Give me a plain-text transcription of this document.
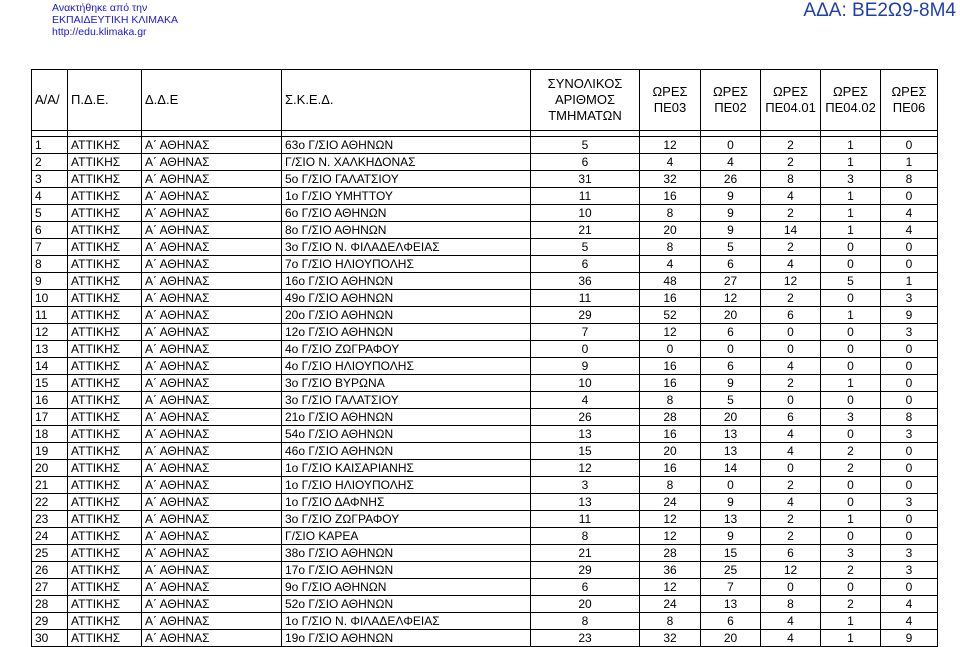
Ανακτήθηκε από την
ΕΚΠΑΙΔΕΥΤΙΚΗ ΚΛΙΜΑΚΑ
http://edu.klimaka.gr
ΑΔΑ: ΒΕ2Ω9-8Μ4
Α/Α/	Π.Δ.Ε.	Δ.Δ.Ε	Σ.Κ.Ε.Δ.	ΣΥΝΟΛΙΚΟΣ ΑΡΙΘΜΟΣ ΤΜΗΜΑΤΩΝ	ΩΡΕΣ ΠΕ03	ΩΡΕΣ ΠΕ02	ΩΡΕΣ ΠΕ04.01	ΩΡΕΣ ΠΕ04.02	ΩΡΕΣ ΠΕ06

1	ΑΤΤΙΚΗΣ	Α΄ ΑΘΗΝΑΣ	63ο Γ/ΣΙΟ ΑΘΗΝΩΝ	5	12	0	2	1	0
2	ΑΤΤΙΚΗΣ	Α΄ ΑΘΗΝΑΣ	Γ/ΣΙΟ Ν. ΧΑΛΚΗΔΟΝΑΣ	6	4	4	2	1	1
3	ΑΤΤΙΚΗΣ	Α΄ ΑΘΗΝΑΣ	5ο Γ/ΣΙΟ ΓΑΛΑΤΣΙΟΥ	31	32	26	8	3	8
4	ΑΤΤΙΚΗΣ	Α΄ ΑΘΗΝΑΣ	1ο Γ/ΣΙΟ ΥΜΗΤΤΟΥ	11	16	9	4	1	0
5	ΑΤΤΙΚΗΣ	Α΄ ΑΘΗΝΑΣ	6ο Γ/ΣΙΟ ΑΘΗΝΩΝ	10	8	9	2	1	4
6	ΑΤΤΙΚΗΣ	Α΄ ΑΘΗΝΑΣ	8ο Γ/ΣΙΟ ΑΘΗΝΩΝ	21	20	9	14	1	4
7	ΑΤΤΙΚΗΣ	Α΄ ΑΘΗΝΑΣ	3ο Γ/ΣΙΟ Ν. ΦΙΛΑΔΕΛΦΕΙΑΣ	5	8	5	2	0	0
8	ΑΤΤΙΚΗΣ	Α΄ ΑΘΗΝΑΣ	7ο Γ/ΣΙΟ ΗΛΙΟΥΠΟΛΗΣ	6	4	6	4	0	0
9	ΑΤΤΙΚΗΣ	Α΄ ΑΘΗΝΑΣ	16ο Γ/ΣΙΟ ΑΘΗΝΩΝ	36	48	27	12	5	1
10	ΑΤΤΙΚΗΣ	Α΄ ΑΘΗΝΑΣ	49ο Γ/ΣΙΟ ΑΘΗΝΩΝ	11	16	12	2	0	3
11	ΑΤΤΙΚΗΣ	Α΄ ΑΘΗΝΑΣ	20ο Γ/ΣΙΟ ΑΘΗΝΩΝ	29	52	20	6	1	9
12	ΑΤΤΙΚΗΣ	Α΄ ΑΘΗΝΑΣ	12ο Γ/ΣΙΟ ΑΘΗΝΩΝ	7	12	6	0	0	3
13	ΑΤΤΙΚΗΣ	Α΄ ΑΘΗΝΑΣ	4ο Γ/ΣΙΟ ΖΩΓΡΑΦΟΥ	0	0	0	0	0	0
14	ΑΤΤΙΚΗΣ	Α΄ ΑΘΗΝΑΣ	4ο Γ/ΣΙΟ ΗΛΙΟΥΠΟΛΗΣ	9	16	6	4	0	0
15	ΑΤΤΙΚΗΣ	Α΄ ΑΘΗΝΑΣ	3ο Γ/ΣΙΟ ΒΥΡΩΝΑ	10	16	9	2	1	0
16	ΑΤΤΙΚΗΣ	Α΄ ΑΘΗΝΑΣ	3ο Γ/ΣΙΟ ΓΑΛΑΤΣΙΟΥ	4	8	5	0	0	0
17	ΑΤΤΙΚΗΣ	Α΄ ΑΘΗΝΑΣ	21ο Γ/ΣΙΟ ΑΘΗΝΩΝ	26	28	20	6	3	8
18	ΑΤΤΙΚΗΣ	Α΄ ΑΘΗΝΑΣ	54ο Γ/ΣΙΟ ΑΘΗΝΩΝ	13	16	13	4	0	3
19	ΑΤΤΙΚΗΣ	Α΄ ΑΘΗΝΑΣ	46ο Γ/ΣΙΟ ΑΘΗΝΩΝ	15	20	13	4	2	0
20	ΑΤΤΙΚΗΣ	Α΄ ΑΘΗΝΑΣ	1ο Γ/ΣΙΟ ΚΑΙΣΑΡΙΑΝΗΣ	12	16	14	0	2	0
21	ΑΤΤΙΚΗΣ	Α΄ ΑΘΗΝΑΣ	1ο Γ/ΣΙΟ ΗΛΙΟΥΠΟΛΗΣ	3	8	0	2	0	0
22	ΑΤΤΙΚΗΣ	Α΄ ΑΘΗΝΑΣ	1ο Γ/ΣΙΟ ΔΑΦΝΗΣ	13	24	9	4	0	3
23	ΑΤΤΙΚΗΣ	Α΄ ΑΘΗΝΑΣ	3ο Γ/ΣΙΟ ΖΩΓΡΑΦΟΥ	11	12	13	2	1	0
24	ΑΤΤΙΚΗΣ	Α΄ ΑΘΗΝΑΣ	Γ/ΣΙΟ ΚΑΡΕΑ	8	12	9	2	0	0
25	ΑΤΤΙΚΗΣ	Α΄ ΑΘΗΝΑΣ	38ο Γ/ΣΙΟ ΑΘΗΝΩΝ	21	28	15	6	3	3
26	ΑΤΤΙΚΗΣ	Α΄ ΑΘΗΝΑΣ	17ο Γ/ΣΙΟ ΑΘΗΝΩΝ	29	36	25	12	2	3
27	ΑΤΤΙΚΗΣ	Α΄ ΑΘΗΝΑΣ	9ο Γ/ΣΙΟ ΑΘΗΝΩΝ	6	12	7	0	0	0
28	ΑΤΤΙΚΗΣ	Α΄ ΑΘΗΝΑΣ	52ο Γ/ΣΙΟ ΑΘΗΝΩΝ	20	24	13	8	2	4
29	ΑΤΤΙΚΗΣ	Α΄ ΑΘΗΝΑΣ	1ο Γ/ΣΙΟ Ν. ΦΙΛΑΔΕΛΦΕΙΑΣ	8	8	6	4	1	4
30	ΑΤΤΙΚΗΣ	Α΄ ΑΘΗΝΑΣ	19ο Γ/ΣΙΟ ΑΘΗΝΩΝ	23	32	20	4	1	9
